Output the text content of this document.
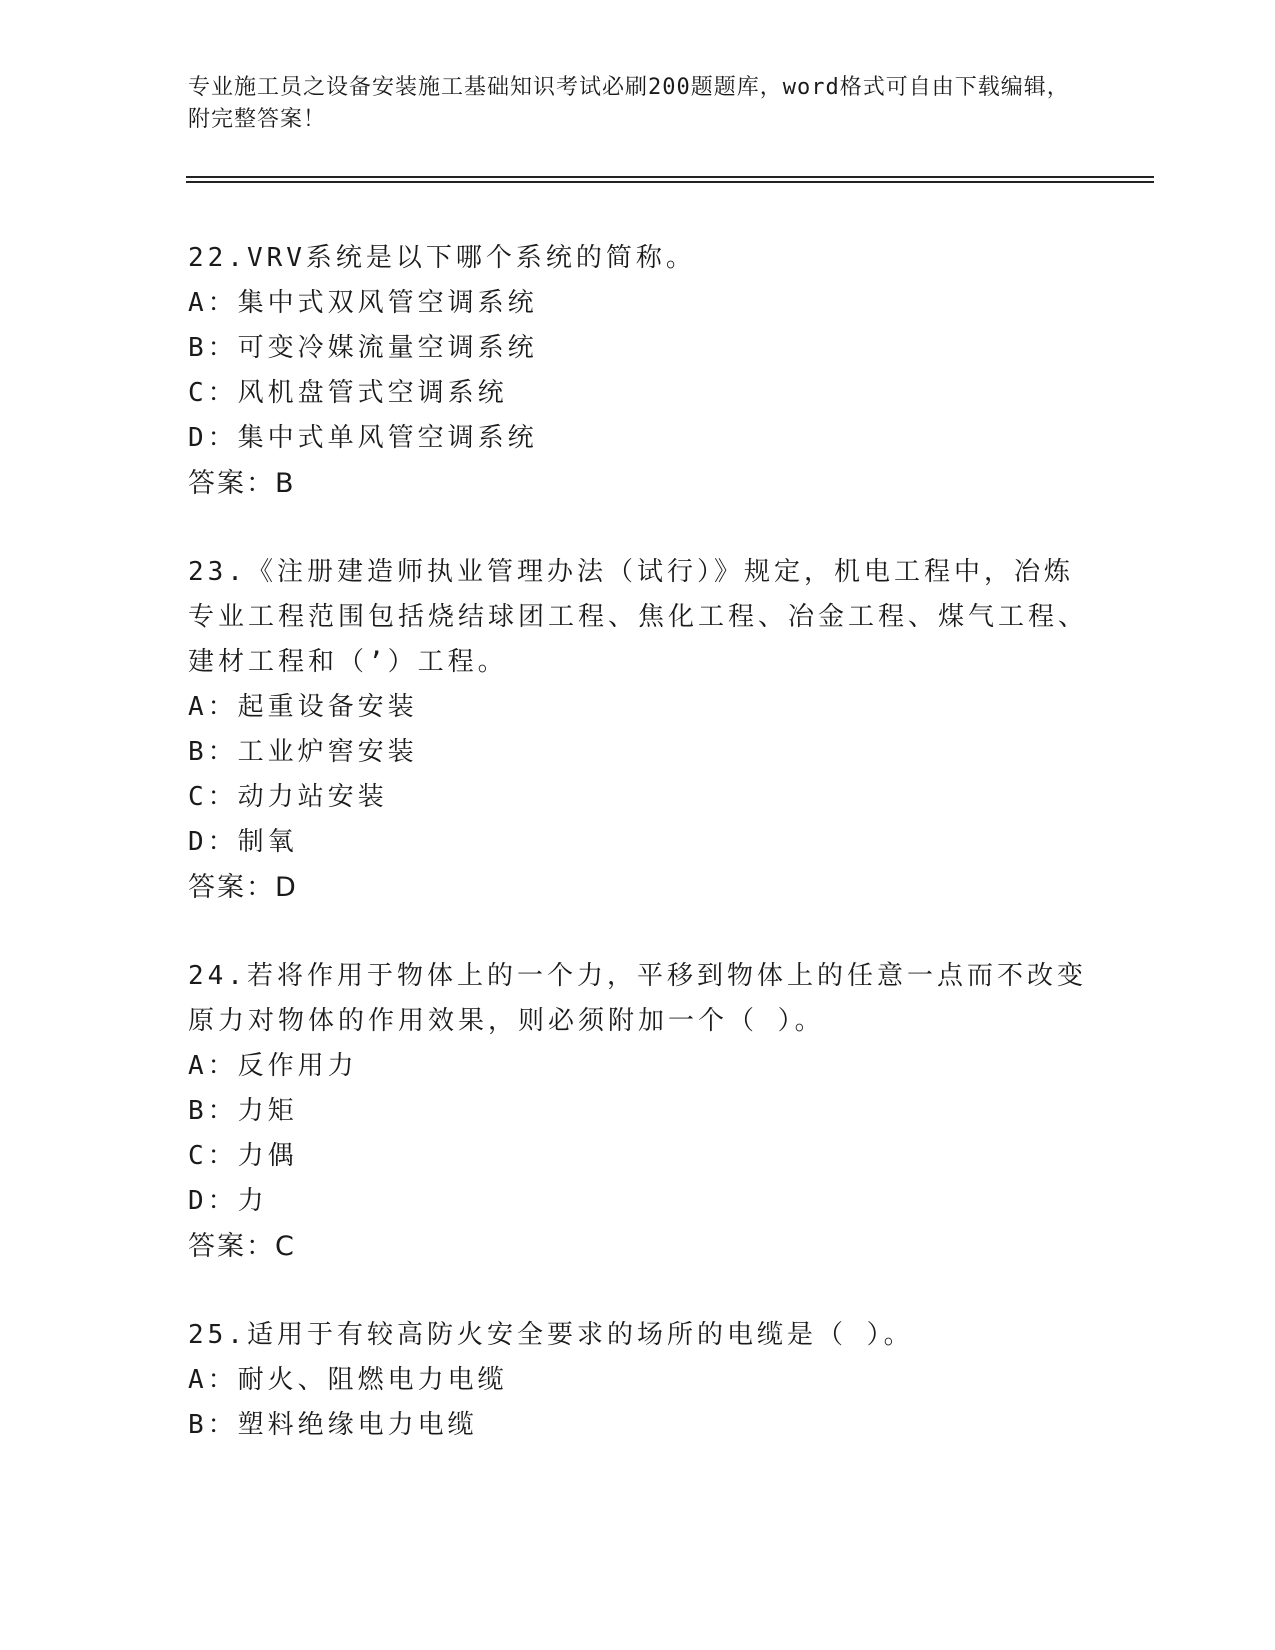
专业施工员之设备安装施工基础知识考试必刷200题题库，word格式可自由下载编辑，附完整答案！
22.VRV系统是以下哪个系统的简称。
A：集中式双风管空调系统
B：可变冷媒流量空调系统
C：风机盘管式空调系统
D：集中式单风管空调系统
答案：B
23.《注册建造师执业管理办法（试行）》规定，机电工程中，冶炼专业工程范围包括烧结球团工程、焦化工程、冶金工程、煤气工程、建材工程和（’）工程。
A：起重设备安装
B：工业炉窖安装
C：动力站安装
D：制氧
答案：D
24.若将作用于物体上的一个力，平移到物体上的任意一点而不改变原力对物体的作用效果，则必须附加一个（ ）。
A：反作用力
B：力矩
C：力偶
D：力
答案：C
25.适用于有较高防火安全要求的场所的电缆是（ ）。
A：耐火、阻燃电力电缆
B：塑料绝缘电力电缆
